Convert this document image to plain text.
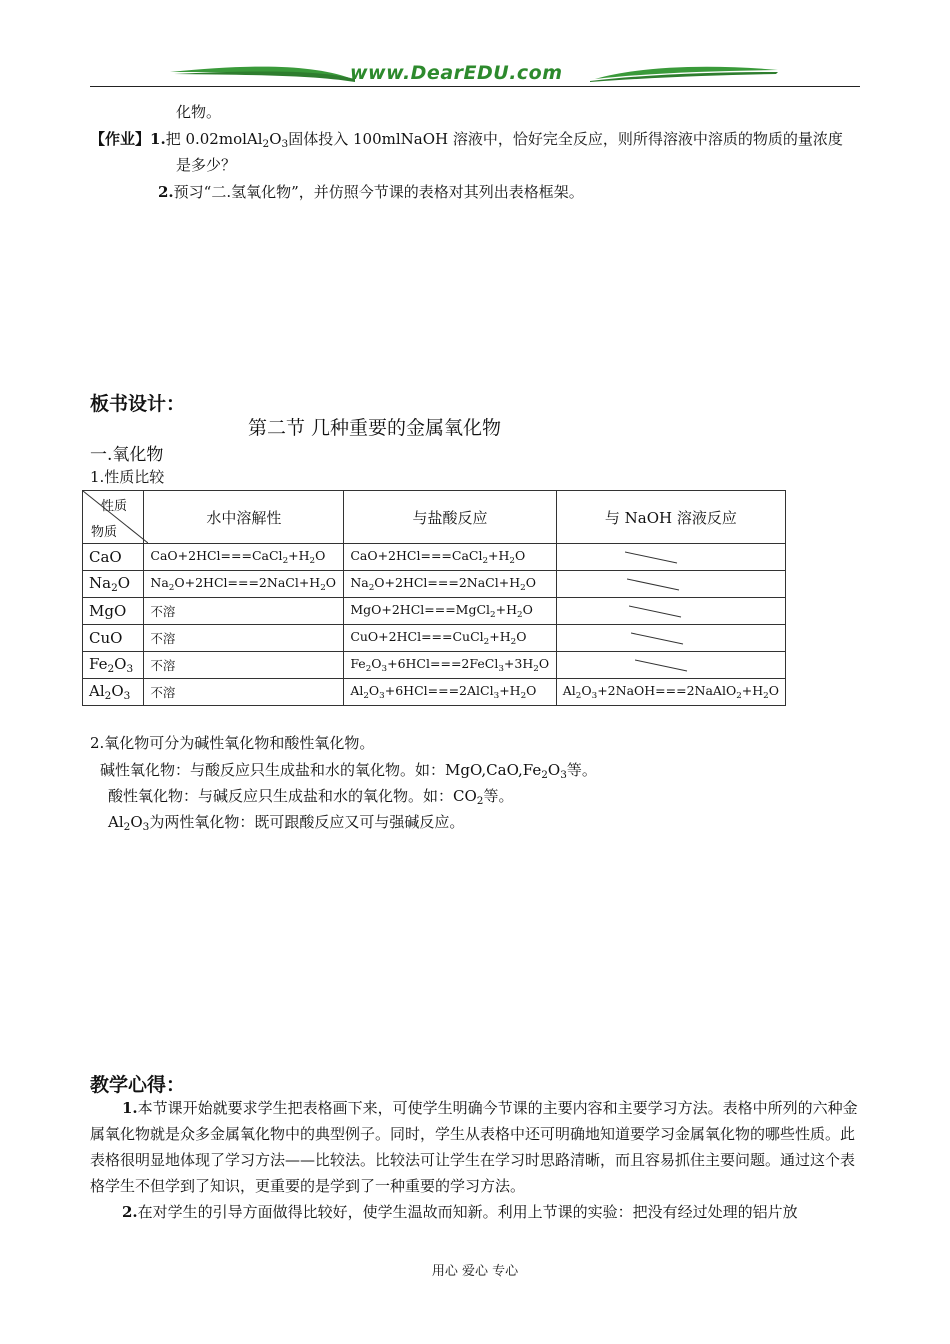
www.DearEDU.com
化物。
【作业】1.把 $0.02molAl_2O_3$固体投入 100mlNaOH 溶液中，恰好完全反应，则所得溶液中溶质的物质的量浓度
是多少？
2.预习“二.氢氧化物”，并仿照今节课的表格对其列出表格框架。
板书设计：
第二节 几种重要的金属氧化物
一.氧化物
1.性质比较
性质
物质	水中溶解性	与盐酸反应	与 NaOH 溶液反应
CaO	$CaO+2HCl===CaCl_2+H_2O$	$CaO+2HCl===CaCl_2+H_2O$	

$Na_2O$	$Na_2O+2HCl===2NaCl+H_2O$	$Na_2O+2HCl===2NaCl+H_2O$	

MgO	不溶	$MgO+2HCl===MgCl_2+H_2O$	

CuO	不溶	$CuO+2HCl===CuCl_2+H_2O$	

$Fe_2O_3$	不溶	$Fe_2O_3+6HCl===2FeCl_3+3H_2O$	

$Al_2O_3$	不溶	$Al_2O_3+6HCl===2AlCl_3+H_2O$	$Al_2O_3+2NaOH===2NaAlO_2+H_2O$
2.氧化物可分为碱性氧化物和酸性氧化物。
碱性氧化物：与酸反应只生成盐和水的氧化物。如：$MgO,CaO,Fe_2O_3$等。
酸性氧化物：与碱反应只生成盐和水的氧化物。如：$CO_2$等。
$Al_2O_3$为两性氧化物：既可跟酸反应又可与强碱反应。
教学心得：
1.本节课开始就要求学生把表格画下来，可使学生明确今节课的主要内容和主要学习方法。表格中所列的六种金属氧化物就是众多金属氧化物中的典型例子。同时，学生从表格中还可明确地知道要学习金属氧化物的哪些性质。此表格很明显地体现了学习方法——比较法。比较法可让学生在学习时思路清晰，而且容易抓住主要问题。通过这个表格学生不但学到了知识，更重要的是学到了一种重要的学习方法。
2.在对学生的引导方面做得比较好，使学生温故而知新。利用上节课的实验：把没有经过处理的铝片放
用心 爱心 专心
